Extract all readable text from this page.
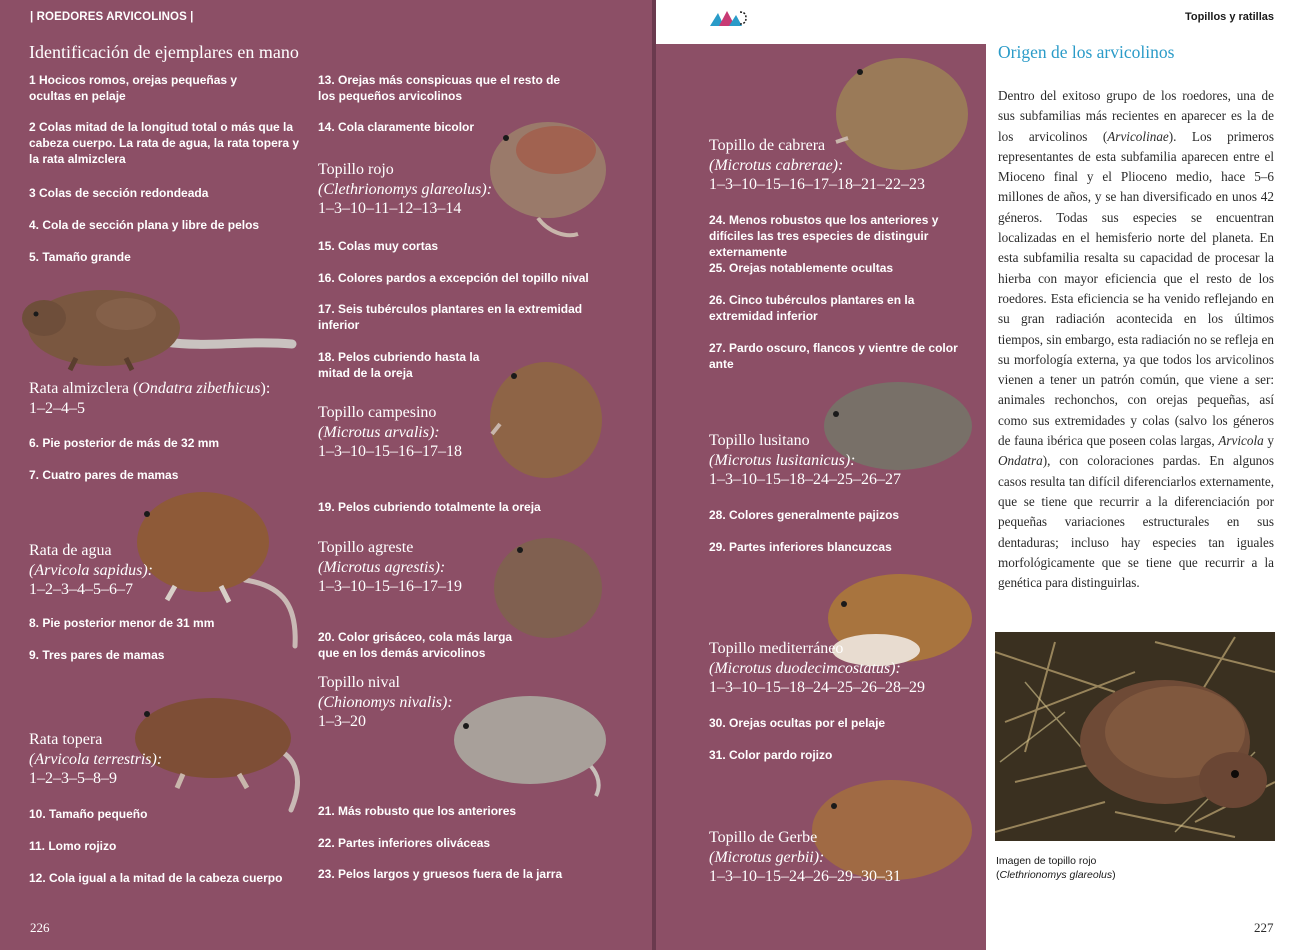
| ROEDORES ARVICOLINOS |
Identificación de ejemplares en mano
1 Hocicos romos, orejas pequeñas y ocultas en pelaje
2 Colas mitad de la longitud total o más que la cabeza cuerpo. La rata de agua, la rata topera y la rata almizclera
3 Colas de sección redondeada
4. Cola de sección plana y libre de pelos
5. Tamaño grande
Rata almizclera (Ondatra zibethicus):
1–2–4–5
6. Pie posterior de más de 32 mm
7. Cuatro pares de mamas
Rata de agua
(Arvicola sapidus):
1–2–3–4–5–6–7
8. Pie posterior menor de 31 mm
9. Tres pares de mamas
Rata topera
(Arvicola terrestris):
1–2–3–5–8–9
10. Tamaño pequeño
11. Lomo rojizo
12. Cola igual a la mitad de la cabeza cuerpo
13. Orejas más conspicuas que el resto de los pequeños arvicolinos
14. Cola claramente bicolor
Topillo rojo
(Clethrionomys glareolus):
1–3–10–11–12–13–14
15. Colas muy cortas
16. Colores pardos a excepción del topillo nival
17. Seis tubérculos plantares en la extremidad inferior
18. Pelos cubriendo hasta la mitad de la oreja
Topillo campesino
(Microtus arvalis):
1–3–10–15–16–17–18
19. Pelos cubriendo totalmente la oreja
Topillo agreste
(Microtus agrestis):
1–3–10–15–16–17–19
20. Color grisáceo, cola más larga que en los demás arvicolinos
Topillo nival
(Chionomys nivalis):
1–3–20
21. Más robusto que los anteriores
22. Partes inferiores oliváceas
23. Pelos largos y gruesos fuera de la jarra
226
Topillos y ratillas
Topillo de cabrera
(Microtus cabrerae):
1–3–10–15–16–17–18–21–22–23
24. Menos robustos que los anteriores y difíciles las tres especies de distinguir externamente
25. Orejas notablemente ocultas
26. Cinco tubérculos plantares en la extremidad inferior
27. Pardo oscuro, flancos y vientre de color ante
Topillo lusitano
(Microtus lusitanicus):
1–3–10–15–18–24–25–26–27
28. Colores generalmente pajizos
29. Partes inferiores blancuzcas
Topillo mediterráneo
(Microtus duodecimcostatus):
1–3–10–15–18–24–25–26–28–29
30. Orejas ocultas por el pelaje
31. Color pardo rojizo
Topillo de Gerbe
(Microtus gerbii):
1–3–10–15–24–26–29–30–31
Origen de los arvicolinos
Dentro del exitoso grupo de los roedores, una de sus subfamilias más recientes en aparecer es la de los arvicolinos (Arvicolinae). Los primeros representantes de esta subfamilia aparecen entre el Mioceno final y el Plioceno medio, hace 5–6 millones de años, y se han diversificado en unos 42 géneros. Todas sus especies se encuentran localizadas en el hemisferio norte del planeta. En esta subfamilia resalta su capacidad de procesar la hierba con mayor eficiencia que el resto de los roedores. Esta eficiencia se ha venido reflejando en su gran radiación acontecida en los últimos tiempos, sin embargo, esta radiación no se refleja en su morfología externa, ya que todos los arvicolinos vienen a tener un patrón común, que viene a ser: animales rechonchos, con orejas pequeñas, así como sus extremidades y colas (salvo los géneros de fauna ibérica que poseen colas largas, Arvicola y Ondatra), con coloraciones pardas. En algunos casos resulta tan difícil diferenciarlos externamente, que se tiene que recurrir a la diferenciación por pequeñas variaciones estructurales en sus dentaduras; incluso hay especies tan iguales morfológicamente que se tiene que recurrir a la genética para distinguirlas.
Imagen de topillo rojo
(Clethrionomys glareolus)
227
